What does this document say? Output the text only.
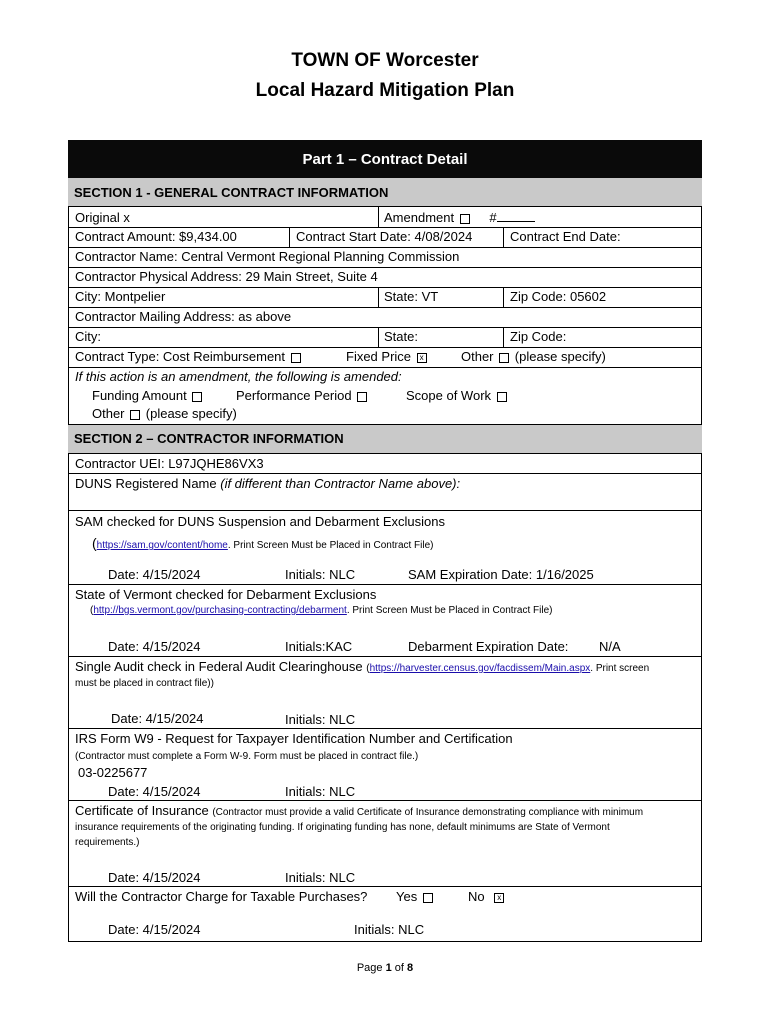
TOWN OF Worcester
Local Hazard Mitigation Plan
Part 1 – Contract Detail
SECTION 1 - GENERAL CONTRACT INFORMATION
Original x	Amendment	#
Contract Amount: $9,434.00	Contract Start Date: 4/08/2024	Contract End Date:
Contractor Name: Central Vermont Regional Planning Commission
Contractor Physical Address: 29 Main Street, Suite 4
City: Montpelier	State: VT	Zip Code: 05602
Contractor Mailing Address: as above
City:	State:	Zip Code:
Contract Type: Cost Reimbursement	Fixed Price x	Other (please specify)
If this action is an amendment, the following is amended:
Funding Amount	Performance Period	Scope of Work
Other (please specify)
SECTION 2 – CONTRACTOR INFORMATION
Contractor UEI: L97JQHE86VX3
DUNS Registered Name (if different than Contractor Name above):
SAM checked for DUNS Suspension and Debarment Exclusions
(https://sam.gov/content/home. Print Screen Must be Placed in Contract File)
Date: 4/15/2024	Initials: NLC	SAM Expiration Date: 1/16/2025
State of Vermont checked for Debarment Exclusions
(http://bgs.vermont.gov/purchasing-contracting/debarment. Print Screen Must be Placed in Contract File)
Date: 4/15/2024	Initials:KAC	Debarment Expiration Date: N/A
Single Audit check in Federal Audit Clearinghouse (https://harvester.census.gov/facdissem/Main.aspx. Print screen
must be placed in contract file))
Date: 4/15/2024	Initials: NLC
IRS Form W9 - Request for Taxpayer Identification Number and Certification
(Contractor must complete a Form W-9. Form must be placed in contract file.)
03-0225677
Date: 4/15/2024	Initials: NLC
Certificate of Insurance (Contractor must provide a valid Certificate of Insurance demonstrating compliance with minimum
insurance requirements of the originating funding. If originating funding has none, default minimums are State of Vermont
requirements.)
Date: 4/15/2024	Initials: NLC
Will the Contractor Charge for Taxable Purchases? Yes	No x
Date: 4/15/2024	Initials: NLC
Page 1 of 8
